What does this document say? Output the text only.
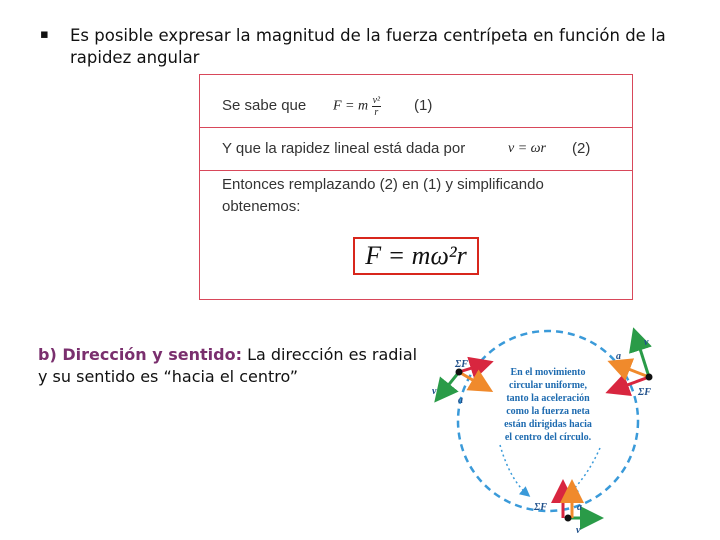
▪ Es posible expresar la magnitud de la fuerza centrípeta en función de la rapidez angular
Se sabe que F = m $\frac{\text{v²}}{r} (1)$
Y que la rapidez lineal está dada por	v = ωr (2)
Entonces remplazando (2) en (1) y simplificando
obtenemos:
F = mω²r
b) Dirección y sentido: La dirección es radial y su sentido es “hacia el centro”	En el movimiento
circular uniforme,
tanto la aceleración
como la fuerza neta
están dirigidas hacia
el centro del círculo.
ΣF
v
a
v
a
ΣF
ΣF	a
v
